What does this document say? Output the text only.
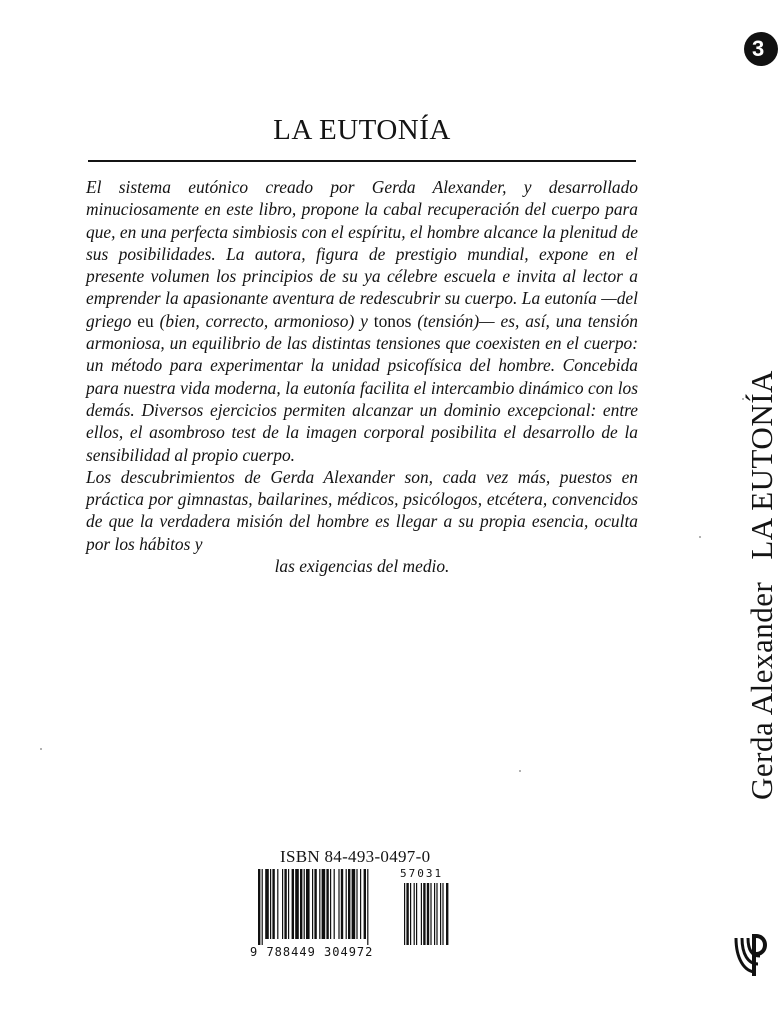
LA EUTONÍA

El sistema eutónico creado por Gerda Alexander, y desarrollado minuciosamente en este libro, propone la cabal recuperación del cuerpo para que, en una perfecta simbiosis con el espíritu, el hombre alcance la plenitud de sus posibilidades. La autora, figura de prestigio mundial, expone en el presente volumen los principios de su ya célebre escuela e invita al lector a emprender la apasionante aventura de redescubrir su cuerpo. La eutonía —del griego eu (bien, correcto, armonioso) y tonos (tensión)— es, así, una tensión armoniosa, un equilibrio de las distintas tensiones que coexisten en el cuerpo: un método para experimentar la unidad psicofísica del hombre. Concebida para nuestra vida moderna, la eutonía facilita el intercambio dinámico con los demás. Diversos ejercicios permiten alcanzar un dominio excepcional: entre ellos, el asombroso test de la imagen corporal posibilita el desarrollo de la sensibilidad al propio cuerpo.

Los descubrimientos de Gerda Alexander son, cada vez más, puestos en práctica por gimnastas, bailarines, médicos, psicólogos, etcétera, convencidos de que la verdadera misión del hombre es llegar a su propia esencia, oculta por los hábitos y

las exigencias del medio.

ISBN 84-493-0497-0
57031
9 788449 304972
3
Gerda AlexanderLA EUTONÍA
